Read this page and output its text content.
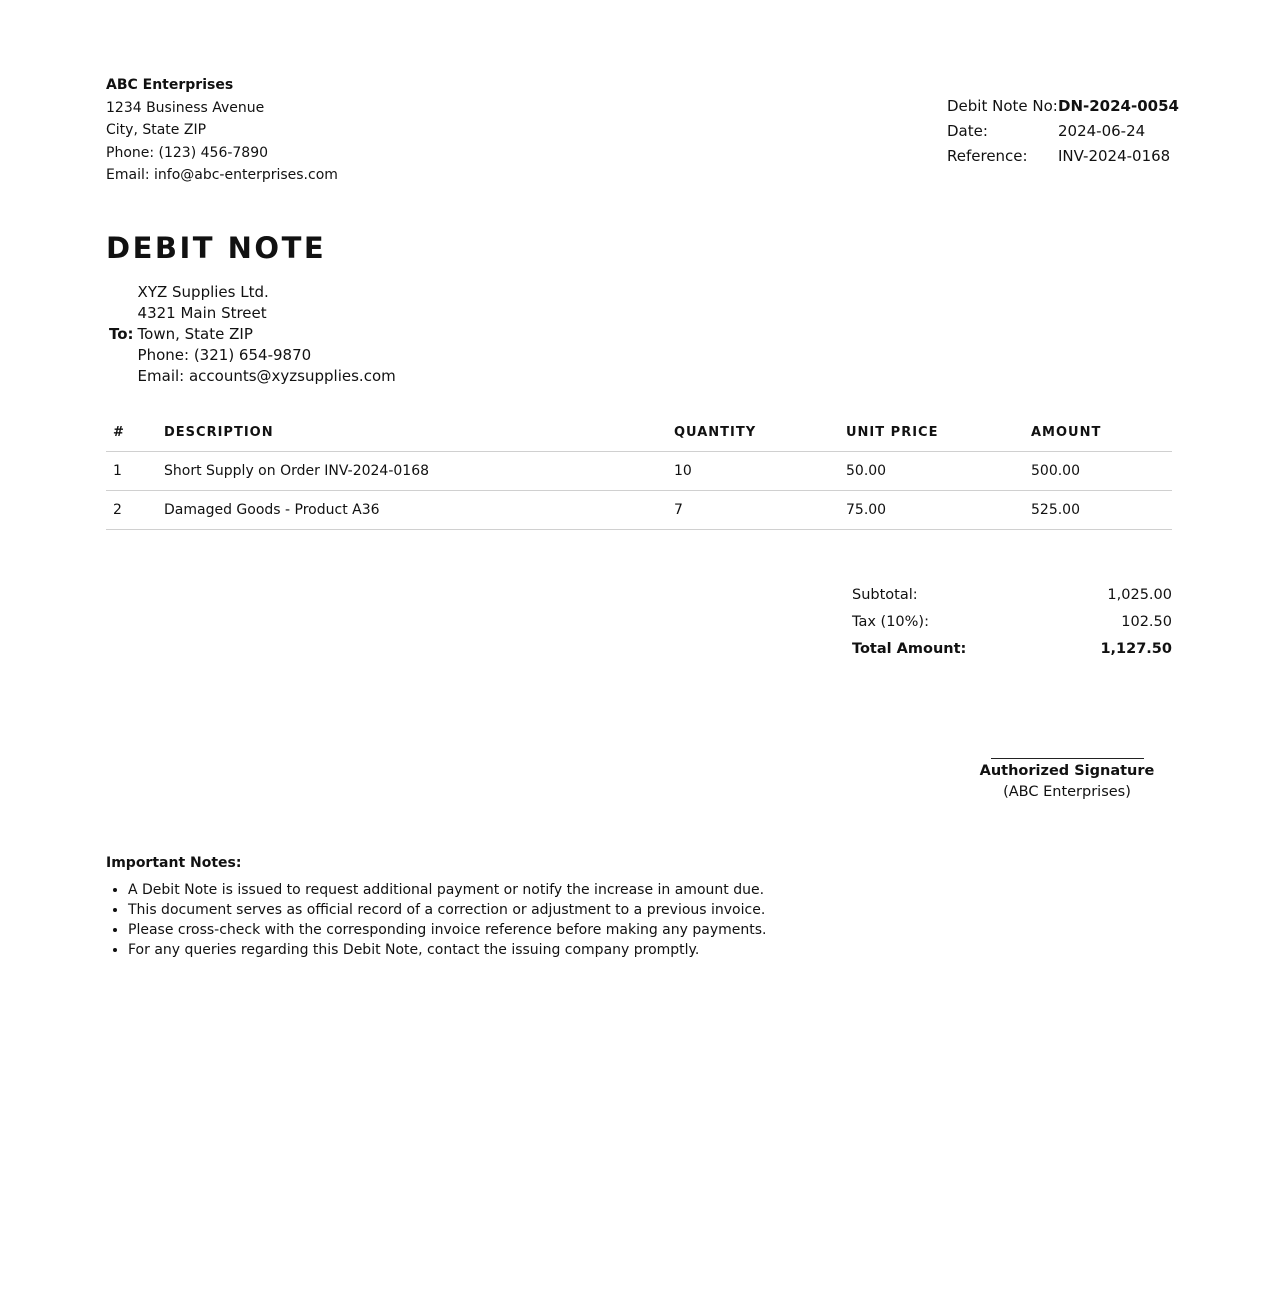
ABC Enterprises
1234 Business Avenue
City, State ZIP
Phone: (123) 456-7890
Email: info@abc-enterprises.com
Debit Note No: DN-2024-0054
Date:	2024-06-24
Reference:	INV-2024-0168
DEBIT NOTE
To:
XYZ Supplies Ltd.
4321 Main Street
Town, State ZIP
Phone: (321) 654-9870
Email: accounts@xyzsupplies.com
#	DESCRIPTION	QUANTITY	UNIT PRICE	AMOUNT
1	Short Supply on Order INV-2024-0168	10	50.00	500.00
2	Damaged Goods - Product A36	7	75.00	525.00
Subtotal:	1,025.00
Tax (10%):	102.50
Total Amount:	1,127.50
Authorized Signature
(ABC Enterprises)
Important Notes:
• A Debit Note is issued to request additional payment or notify the increase in amount due.
• This document serves as official record of a correction or adjustment to a previous invoice.
• Please cross-check with the corresponding invoice reference before making any payments.
• For any queries regarding this Debit Note, contact the issuing company promptly.
